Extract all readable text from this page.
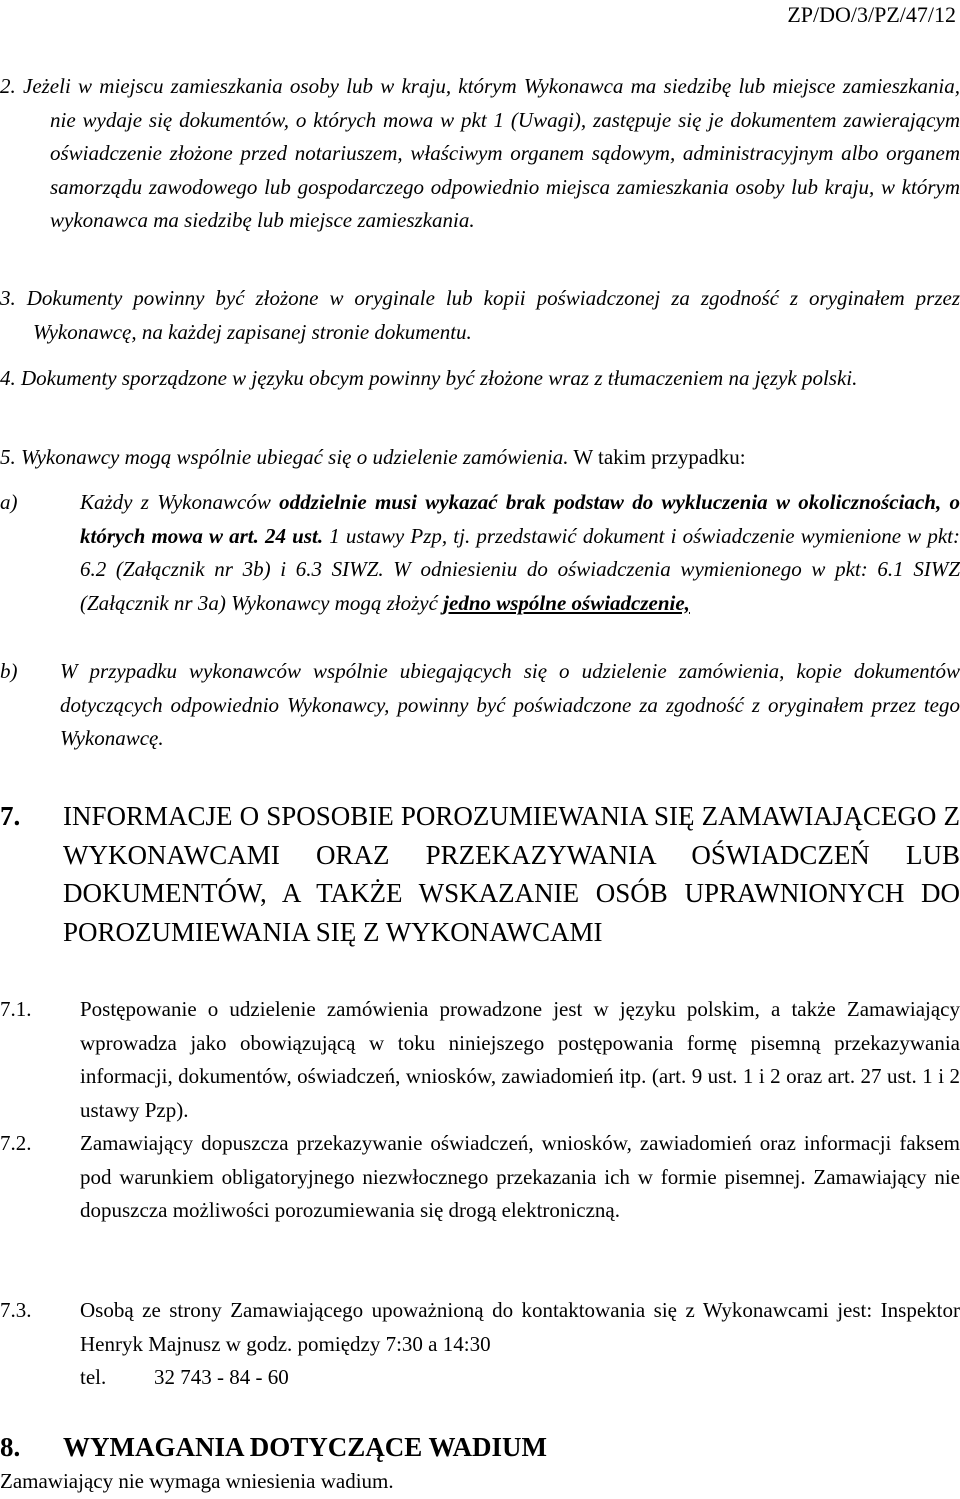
ZP/DO/3/PZ/47/12
2. Jeżeli w miejscu zamieszkania osoby lub w kraju, którym Wykonawca ma siedzibę lub miejsce zamieszkania, nie wydaje się dokumentów, o których mowa w pkt 1 (Uwagi), zastępuje się je dokumentem zawierającym oświadczenie złożone przed notariuszem, właściwym organem sądowym, administracyjnym albo organem samorządu zawodowego lub gospodarczego odpowiednio miejsca zamieszkania osoby lub kraju, w którym wykonawca ma siedzibę lub miejsce zamieszkania.
3. Dokumenty powinny być złożone w oryginale lub kopii poświadczonej za zgodność z oryginałem przez Wykonawcę, na każdej zapisanej stronie dokumentu.
4. Dokumenty sporządzone w języku obcym powinny być złożone wraz z tłumaczeniem na język polski.
5. Wykonawcy mogą wspólnie ubiegać się o udzielenie zamówienia. W takim przypadku:
a)	Każdy z Wykonawców oddzielnie musi wykazać brak podstaw do wykluczenia w okolicznościach, o których mowa w art. 24 ust. 1 ustawy Pzp, tj. przedstawić dokument i oświadczenie wymienione w pkt: 6.2 (Załącznik nr 3b) i 6.3 SIWZ. W odniesieniu do oświadczenia wymienionego w pkt: 6.1 SIWZ (Załącznik nr 3a) Wykonawcy mogą złożyć jedno wspólne oświadczenie,
b) W przypadku wykonawców wspólnie ubiegających się o udzielenie zamówienia, kopie dokumentów dotyczących odpowiednio Wykonawcy, powinny być poświadczone za zgodność z oryginałem przez tego Wykonawcę.
7. INFORMACJE O SPOSOBIE POROZUMIEWANIA SIĘ ZAMAWIAJĄCEGO Z WYKONAWCAMI ORAZ PRZEKAZYWANIA OŚWIADCZEŃ LUB DOKUMENTÓW, A TAKŻE WSKAZANIE OSÓB UPRAWNIONYCH DO POROZUMIEWANIA SIĘ Z WYKONAWCAMI
7.1. Postępowanie o udzielenie zamówienia prowadzone jest w języku polskim, a także Zamawiający wprowadza jako obowiązującą w toku niniejszego postępowania formę pisemną przekazywania informacji, dokumentów, oświadczeń, wniosków, zawiadomień itp. (art. 9 ust. 1 i 2 oraz art. 27 ust. 1 i 2 ustawy Pzp).
7.2. Zamawiający dopuszcza przekazywanie oświadczeń, wniosków, zawiadomień oraz informacji faksem pod warunkiem obligatoryjnego niezwłocznego przekazania ich w formie pisemnej. Zamawiający nie dopuszcza możliwości porozumiewania się drogą elektroniczną.
7.3. Osobą ze strony Zamawiającego upoważnioną do kontaktowania się z Wykonawcami jest: Inspektor Henryk Majnusz w godz. pomiędzy 7:30 a 14:30
tel. 32 743 - 84 - 60
8. WYMAGANIA DOTYCZĄCE WADIUM
Zamawiający nie wymaga wniesienia wadium.
